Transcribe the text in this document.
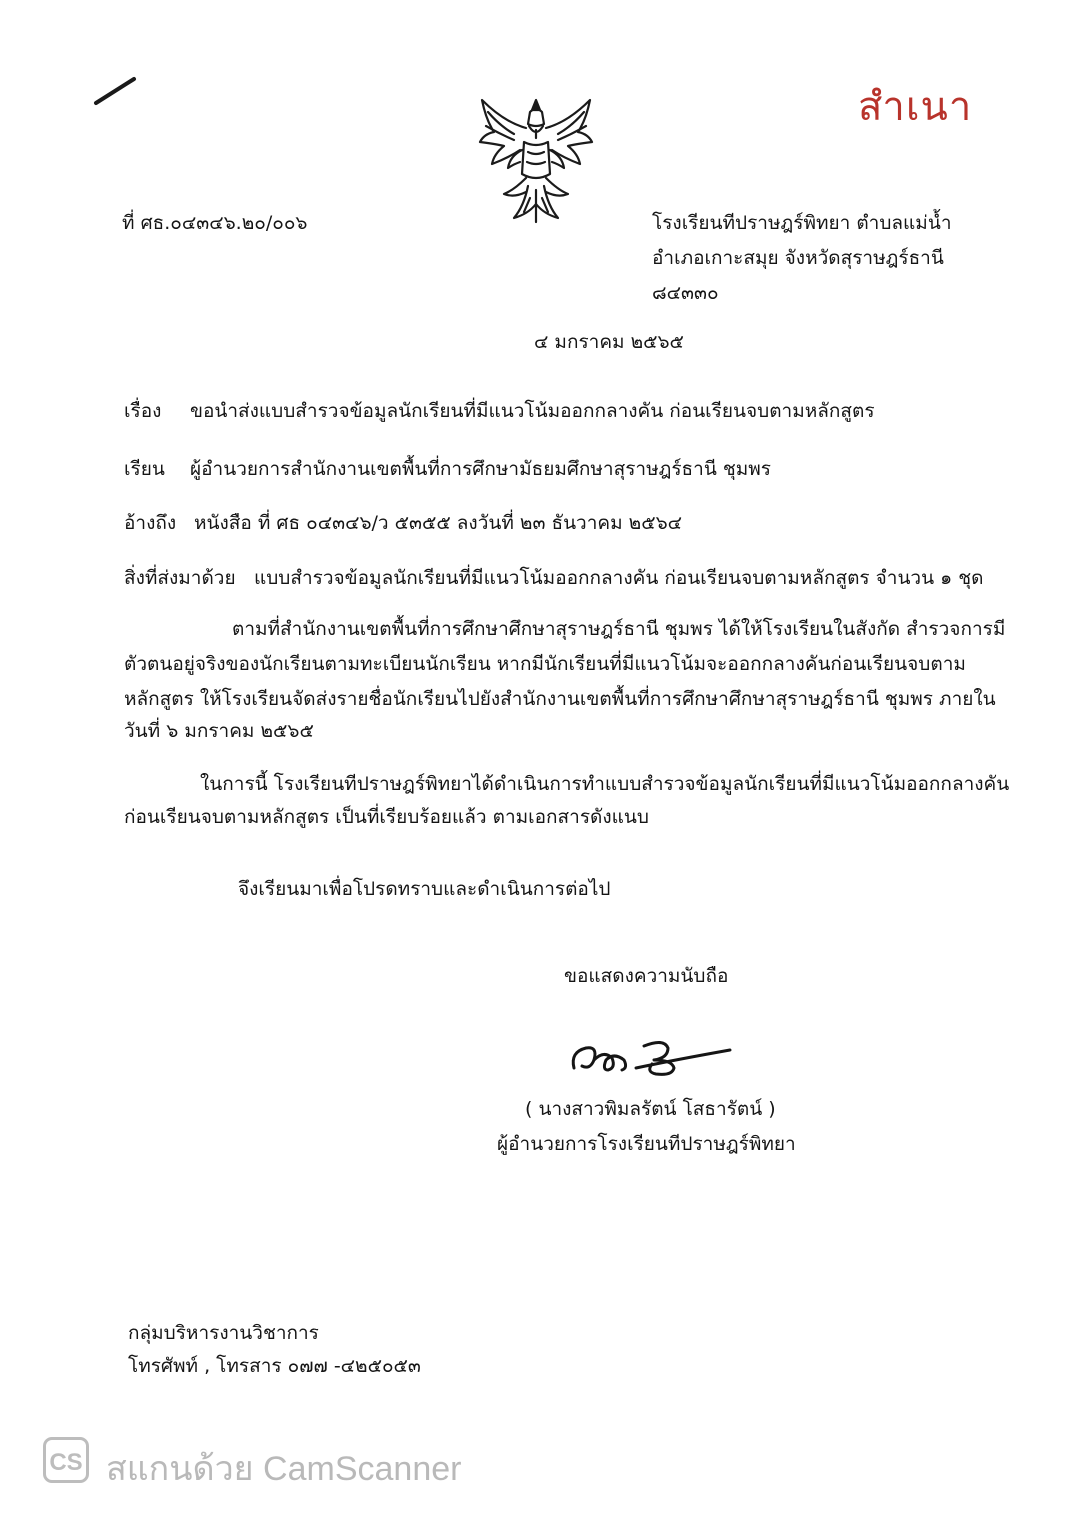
สำเนา
ที่ ศธ.๐๔๓๔๖.๒๐/๐๐๖	โรงเรียนทีปราษฎร์พิทยา ตำบลแม่น้ำ
อำเภอเกาะสมุย จังหวัดสุราษฎร์ธานี
๘๔๓๓๐
๔ มกราคม ๒๕๖๕
เรื่อง ขอนำส่งแบบสำรวจข้อมูลนักเรียนที่มีแนวโน้มออกกลางคัน ก่อนเรียนจบตามหลักสูตร
เรียน ผู้อำนวยการสำนักงานเขตพื้นที่การศึกษามัธยมศึกษาสุราษฎร์ธานี ชุมพร
อ้างถึง หนังสือ ที่ ศธ ๐๔๓๔๖/ว ๕๓๕๕ ลงวันที่ ๒๓ ธันวาคม ๒๕๖๔
สิ่งที่ส่งมาด้วย แบบสำรวจข้อมูลนักเรียนที่มีแนวโน้มออกกลางคัน ก่อนเรียนจบตามหลักสูตร จำนวน ๑ ชุด
ตามที่สำนักงานเขตพื้นที่การศึกษาศึกษาสุราษฎร์ธานี ชุมพร ได้ให้โรงเรียนในสังกัด สำรวจการมี
ตัวตนอยู่จริงของนักเรียนตามทะเบียนนักเรียน หากมีนักเรียนที่มีแนวโน้มจะออกกลางคันก่อนเรียนจบตาม
หลักสูตร ให้โรงเรียนจัดส่งรายชื่อนักเรียนไปยังสำนักงานเขตพื้นที่การศึกษาศึกษาสุราษฎร์ธานี ชุมพร ภายใน
วันที่ ๖ มกราคม ๒๕๖๕
ในการนี้ โรงเรียนทีปราษฎร์พิทยาได้ดำเนินการทำแบบสำรวจข้อมูลนักเรียนที่มีแนวโน้มออกกลางคัน
ก่อนเรียนจบตามหลักสูตร เป็นที่เรียบร้อยแล้ว ตามเอกสารดังแนบ
จึงเรียนมาเพื่อโปรดทราบและดำเนินการต่อไป
ขอแสดงความนับถือ
( นางสาวพิมลรัตน์ โสธารัตน์ )
ผู้อำนวยการโรงเรียนทีปราษฎร์พิทยา
กลุ่มบริหารงานวิชาการ
โทรศัพท์ , โทรสาร ๐๗๗ -๔๒๕๐๕๓
CS สแกนด้วย CamScanner
